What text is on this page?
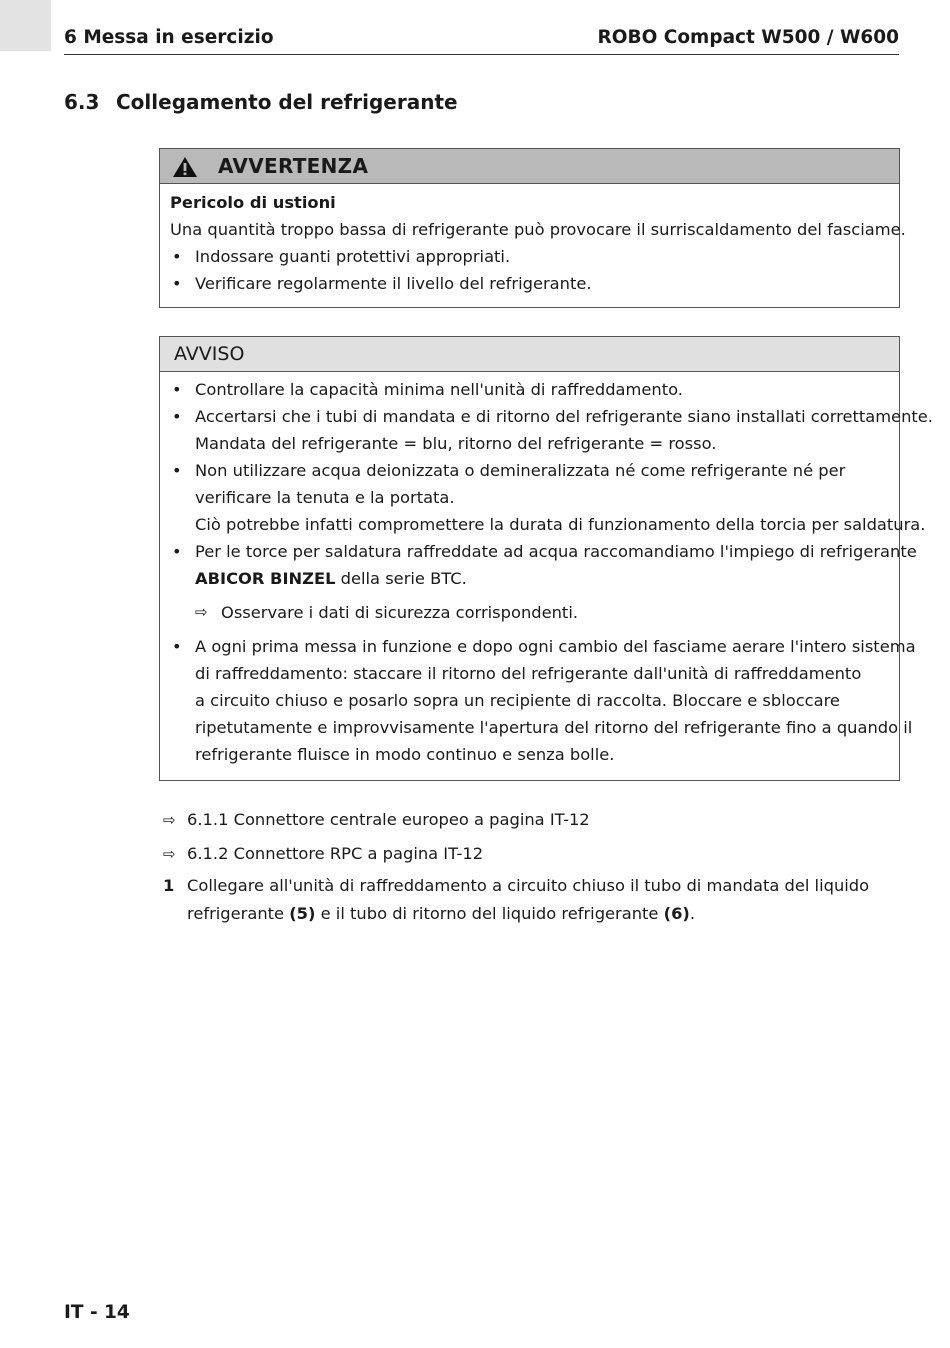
6 Messa in esercizio	ROBO Compact W500 / W600
6.3 Collegamento del refrigerante
AVVERTENZA
Pericolo di ustioni
Una quantità troppo bassa di refrigerante può provocare il surriscaldamento del fasciame.
• Indossare guanti protettivi appropriati.
• Verificare regolarmente il livello del refrigerante.
AVVISO
• Controllare la capacità minima nell'unità di raffreddamento.
• Accertarsi che i tubi di mandata e di ritorno del refrigerante siano installati correttamente.
Mandata del refrigerante = blu, ritorno del refrigerante = rosso.
• Non utilizzare acqua deionizzata o demineralizzata né come refrigerante né per
verificare la tenuta e la portata.
Ciò potrebbe infatti compromettere la durata di funzionamento della torcia per saldatura.
• Per le torce per saldatura raffreddate ad acqua raccomandiamo l'impiego di refrigerante
ABICOR BINZEL della serie BTC.
⇨ Osservare i dati di sicurezza corrispondenti.
• A ogni prima messa in funzione e dopo ogni cambio del fasciame aerare l'intero sistema
di raffreddamento: staccare il ritorno del refrigerante dall'unità di raffreddamento
a circuito chiuso e posarlo sopra un recipiente di raccolta. Bloccare e sbloccare
ripetutamente e improvvisamente l'apertura del ritorno del refrigerante fino a quando il
refrigerante fluisce in modo continuo e senza bolle.
⇨ 6.1.1 Connettore centrale europeo a pagina IT-12
⇨ 6.1.2 Connettore RPC a pagina IT-12
1 Collegare all'unità di raffreddamento a circuito chiuso il tubo di mandata del liquido refrigerante (5) e il tubo di ritorno del liquido refrigerante (6).
IT - 14
